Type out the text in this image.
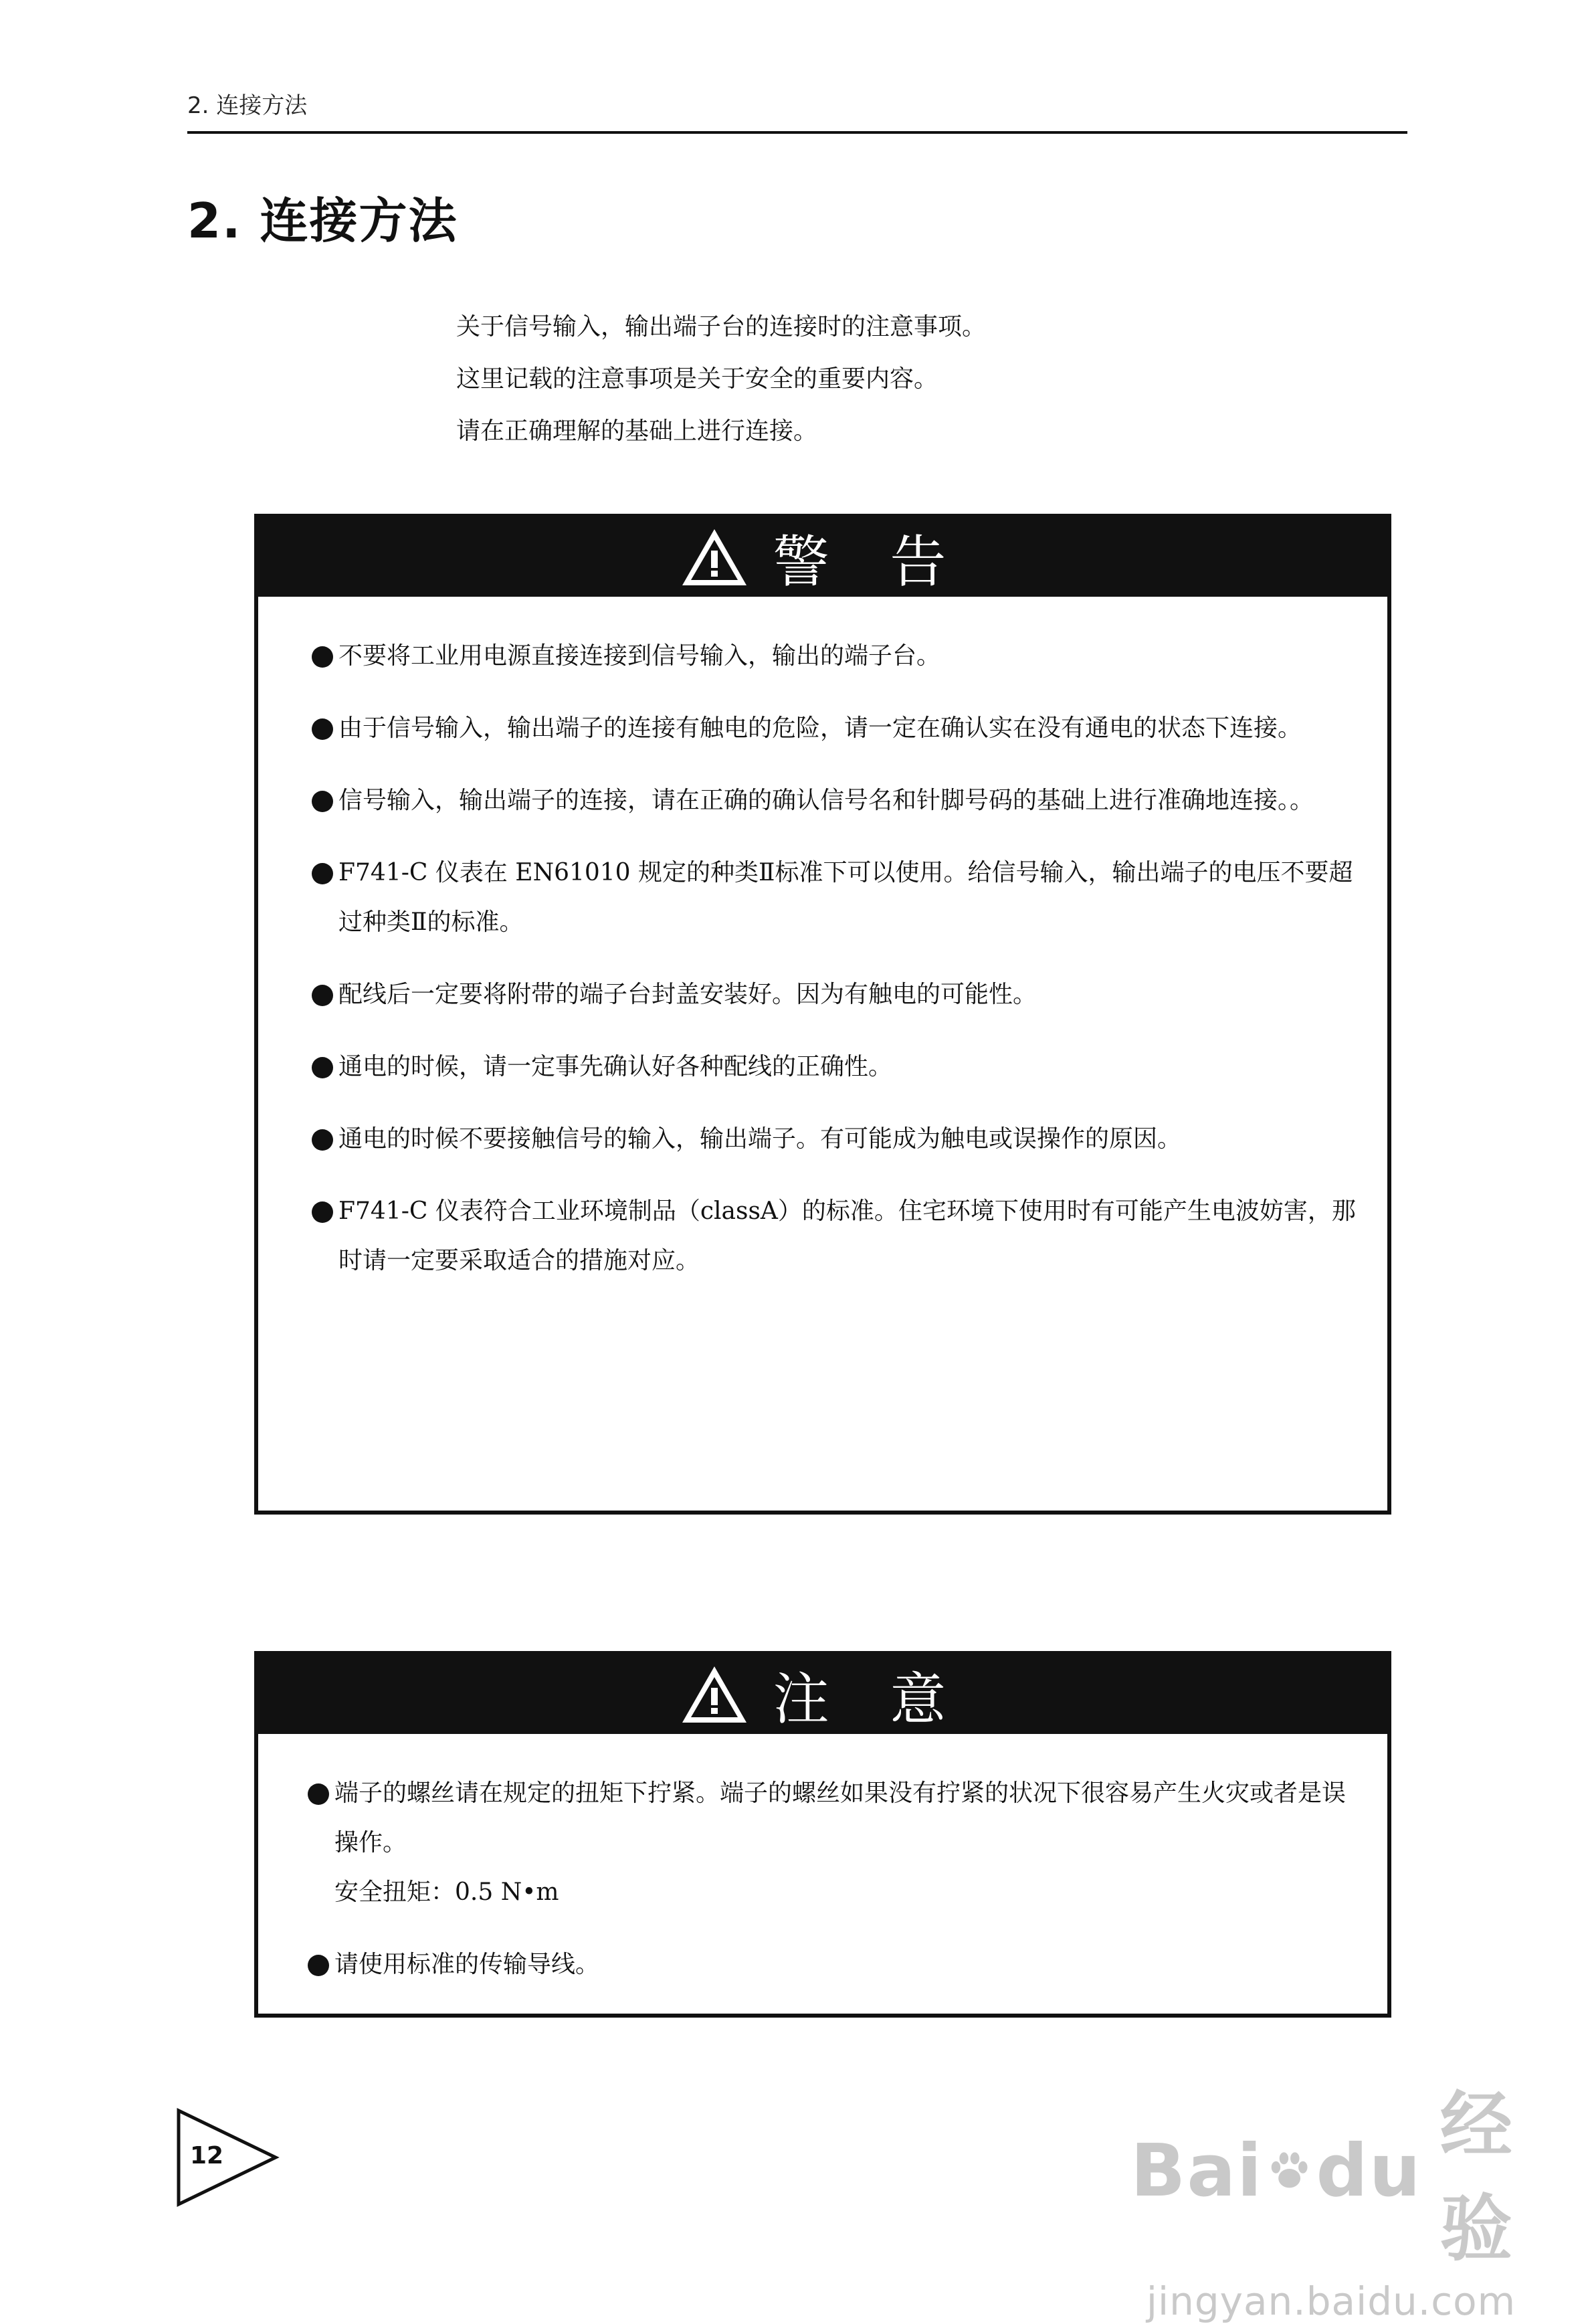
2. 连接方法
2. 连接方法

关于信号输入，输出端子台的连接时的注意事项。

这里记载的注意事项是关于安全的重要内容。

请在正确理解的基础上进行连接。

警 告
不要将工业用电源直接连接到信号输入，输出的端子台。
由于信号输入，输出端子的连接有触电的危险，请一定在确认实在没有通电的状态下连接。
信号输入，输出端子的连接，请在正确的确认信号名和针脚号码的基础上进行准确地连接。。
F741-C 仪表在 EN61010 规定的种类Ⅱ标准下可以使用。给信号输入，输出端子的电压不要超过种类Ⅱ的标准。
配线后一定要将附带的端子台封盖安装好。因为有触电的可能性。
通电的时候，请一定事先确认好各种配线的正确性。
通电的时候不要接触信号的输入，输出端子。有可能成为触电或误操作的原因。
F741-C 仪表符合工业环境制品（classA）的标准。住宅环境下使用时有可能产生电波妨害，那时请一定要采取适合的措施对应。
注 意
端子的螺丝请在规定的扭矩下拧紧。端子的螺丝如果没有拧紧的状况下很容易产生火灾或者是误操作。
安全扭矩：0.5 N•m
请使用标准的传输导线。
12	Bai du
经验
jingyan.baidu.com
